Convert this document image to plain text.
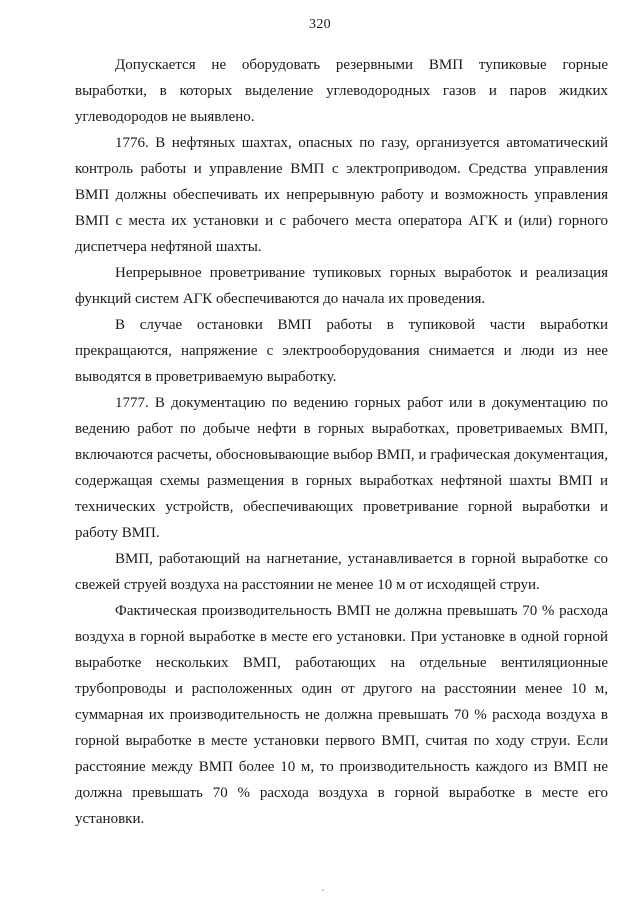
320

Допускается не оборудовать резервными ВМП тупиковые горные выработки, в которых выделение углеводородных газов и паров жидких углеводородов не выявлено.

1776. В нефтяных шахтах, опасных по газу, организуется автоматический контроль работы и управление ВМП с электроприводом. Средства управления ВМП должны обеспечивать их непрерывную работу и возможность управления ВМП с места их установки и с рабочего места оператора АГК и (или) горного диспетчера нефтяной шахты.

Непрерывное проветривание тупиковых горных выработок и реализация функций систем АГК обеспечиваются до начала их проведения.

В случае остановки ВМП работы в тупиковой части выработки прекращаются, напряжение с электрооборудования снимается и люди из нее выводятся в проветриваемую выработку.

1777. В документацию по ведению горных работ или в документацию по ведению работ по добыче нефти в горных выработках, проветриваемых ВМП, включаются расчеты, обосновывающие выбор ВМП, и графическая документация, содержащая схемы размещения в горных выработках нефтяной шахты ВМП и технических устройств, обеспечивающих проветривание горной выработки и работу ВМП.

ВМП, работающий на нагнетание, устанавливается в горной выработке со свежей струей воздуха на расстоянии не менее 10 м от исходящей струи.

Фактическая производительность ВМП не должна превышать 70 % расхода воздуха в горной выработке в месте его установки. При установке в одной горной выработке нескольких ВМП, работающих на отдельные вентиляционные трубопроводы и расположенных один от другого на расстоянии менее 10 м, суммарная их производительность не должна превышать 70 % расхода воздуха в горной выработке в месте установки первого ВМП, считая по ходу струи. Если расстояние между ВМП более 10 м, то производительность каждого из ВМП не должна превышать 70 % расхода воздуха в горной выработке в месте его установки.
